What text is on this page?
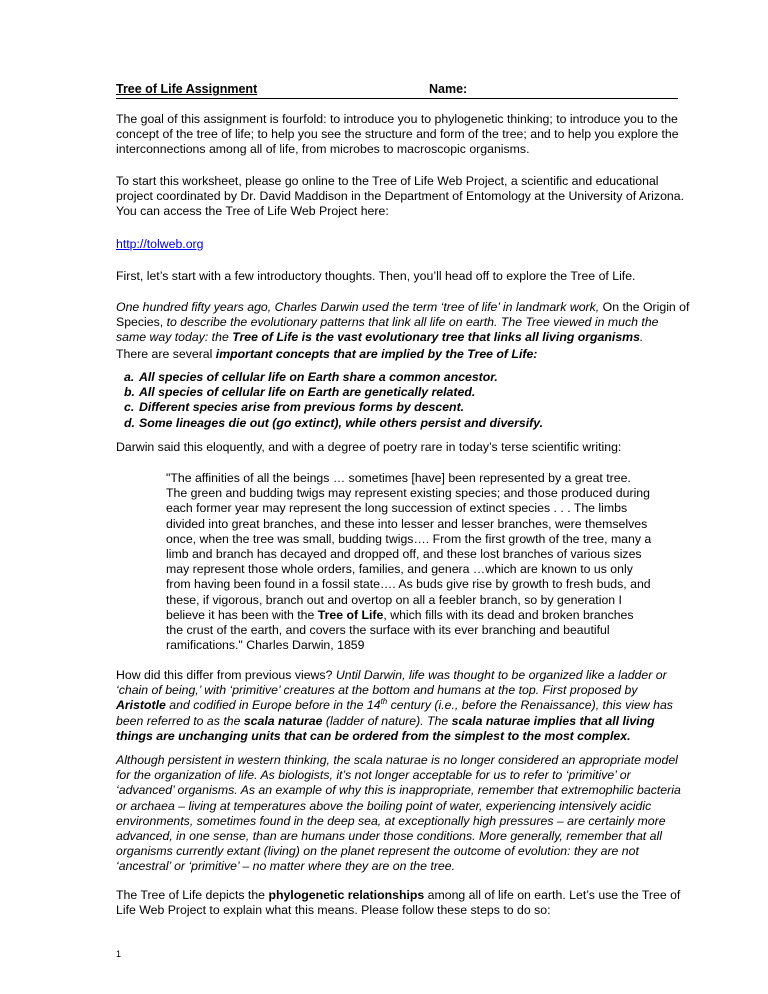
Tree of Life Assignment	Name:

The goal of this assignment is fourfold: to introduce you to phylogenetic thinking; to introduce you to the
concept of the tree of life; to help you see the structure and form of the tree; and to help you explore the
interconnections among all of life, from microbes to macroscopic organisms.

To start this worksheet, please go online to the Tree of Life Web Project, a scientific and educational
project coordinated by Dr. David Maddison in the Department of Entomology at the University of Arizona.
You can access the Tree of Life Web Project here:

http://tolweb.org

First, let’s start with a few introductory thoughts. Then, you’ll head off to explore the Tree of Life.

One hundred fifty years ago, Charles Darwin used the term ‘tree of life’ in landmark work, On the Origin of
Species, to describe the evolutionary patterns that link all life on earth. The Tree viewed in much the
same way today: the Tree of Life is the vast evolutionary tree that links all living organisms.

There are several important concepts that are implied by the Tree of Life:

a. All species of cellular life on Earth share a common ancestor.
b. All species of cellular life on Earth are genetically related.
c. Different species arise from previous forms by descent.
d. Some lineages die out (go extinct), while others persist and diversify.

Darwin said this eloquently, and with a degree of poetry rare in today’s terse scientific writing:

"The affinities of all the beings … sometimes [have] been represented by a great tree.
The green and budding twigs may represent existing species; and those produced during
each former year may represent the long succession of extinct species . . . The limbs
divided into great branches, and these into lesser and lesser branches, were themselves
once, when the tree was small, budding twigs…. From the first growth of the tree, many a
limb and branch has decayed and dropped off, and these lost branches of various sizes
may represent those whole orders, families, and genera …which are known to us only
from having been found in a fossil state…. As buds give rise by growth to fresh buds, and
these, if vigorous, branch out and overtop on all a feebler branch, so by generation I
believe it has been with the Tree of Life, which fills with its dead and broken branches
the crust of the earth, and covers the surface with its ever branching and beautiful
ramifications." Charles Darwin, 1859

How did this differ from previous views? Until Darwin, life was thought to be organized like a ladder or
‘chain of being,’ with ‘primitive’ creatures at the bottom and humans at the top. First proposed by
Aristotle and codified in Europe before in the 14th century (i.e., before the Renaissance), this view has
been referred to as the scala naturae (ladder of nature). The scala naturae implies that all living
things are unchanging units that can be ordered from the simplest to the most complex.

Although persistent in western thinking, the scala naturae is no longer considered an appropriate model for the organization of life. As biologists, it’s not longer acceptable for us to refer to ‘primitive’ or ‘advanced’ organisms. As an example of why this is inappropriate, remember that extremophilic bacteria or archaea – living at temperatures above the boiling point of water, experiencing intensively acidic environments, sometimes found in the deep sea, at exceptionally high pressures – are certainly more advanced, in one sense, than are humans under those conditions. More generally, remember that all organisms currently extant (living) on the planet represent the outcome of evolution: they are not ‘ancestral’ or ‘primitive’ – no matter where they are on the tree.

The Tree of Life depicts the phylogenetic relationships among all of life on earth. Let’s use the Tree of
Life Web Project to explain what this means. Please follow these steps to do so:

1
